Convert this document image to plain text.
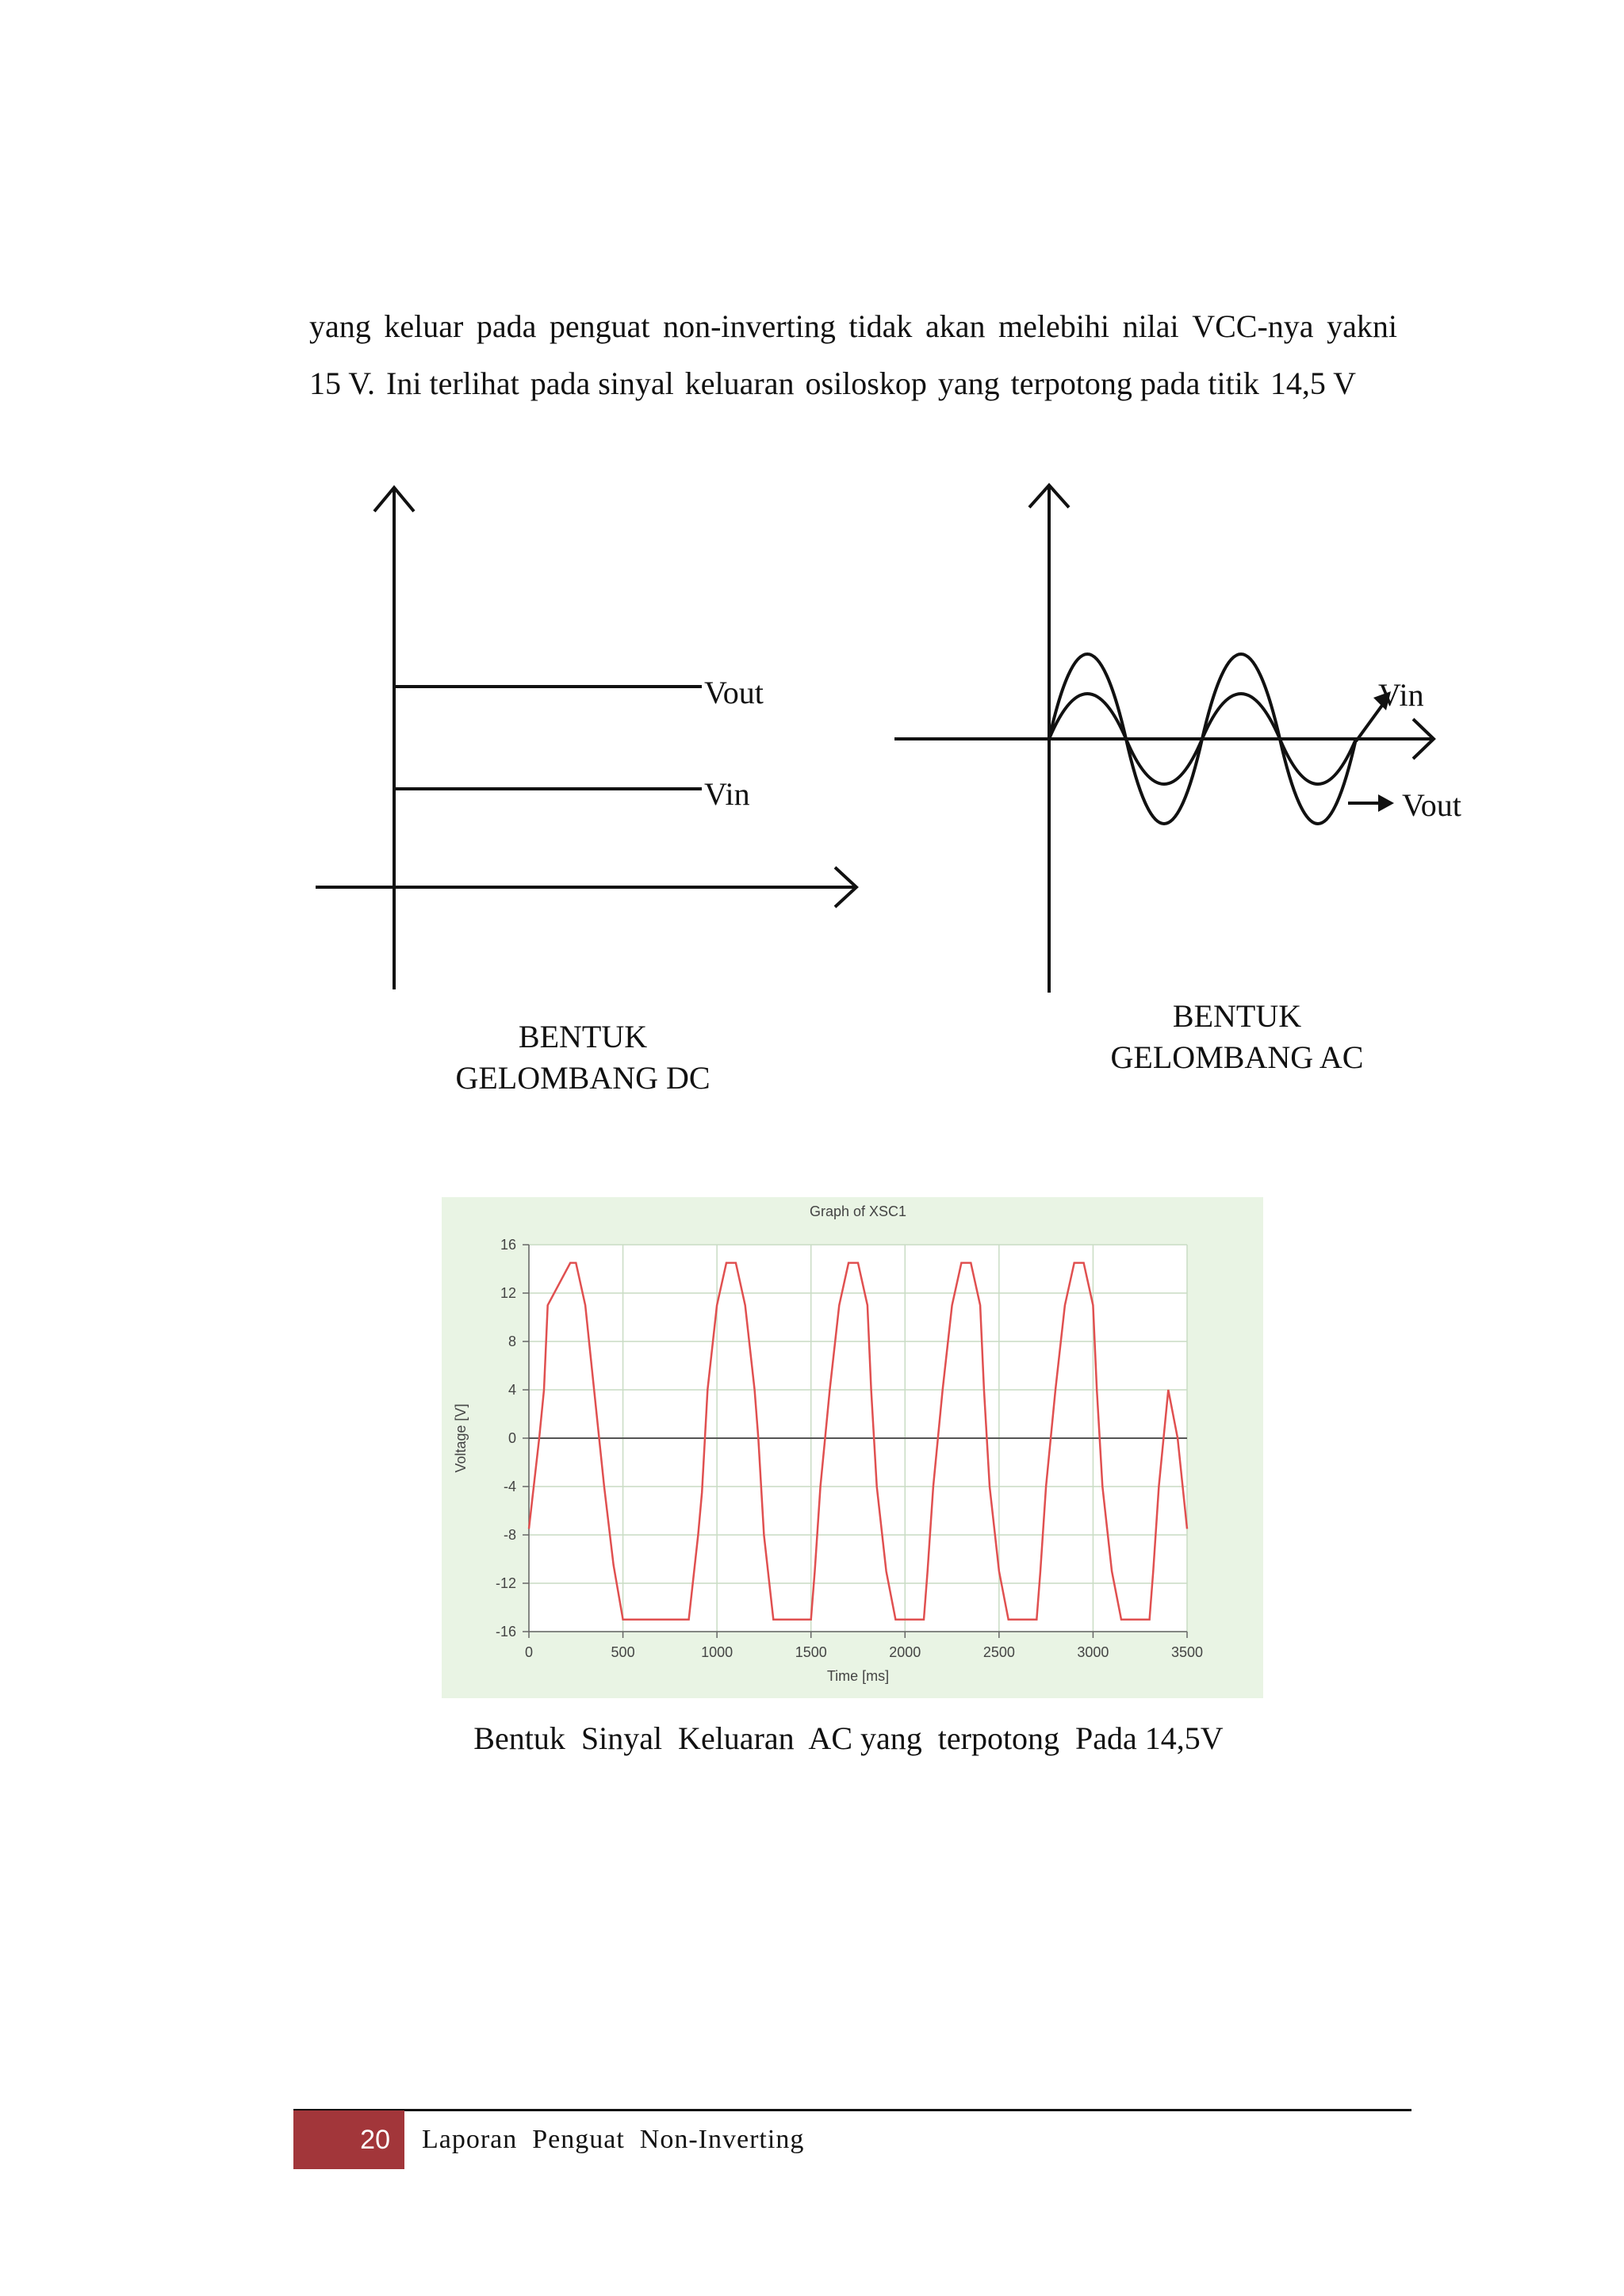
yang keluar pada penguat non-inverting tidak akan melebihi nilai VCC-nya yakni
15 V. Ini terlihat pada sinyal keluaran osiloskop yang terpotong pada titik 14,5 V
Vout
Vin
BENTUK
GELOMBANG DC
Vin
Vout
BENTUK
GELOMBANG AC
0	500	1000	1500	2000	2500	3000	3500
16
12
8
4
0
-4
-8
-12
-16
Graph of XSC1
Time [ms]
Voltage [V]
Bentuk  Sinyal  Keluaran  AC yang  terpotong  Pada 14,5V
20	Laporan  Penguat  Non-Inverting
